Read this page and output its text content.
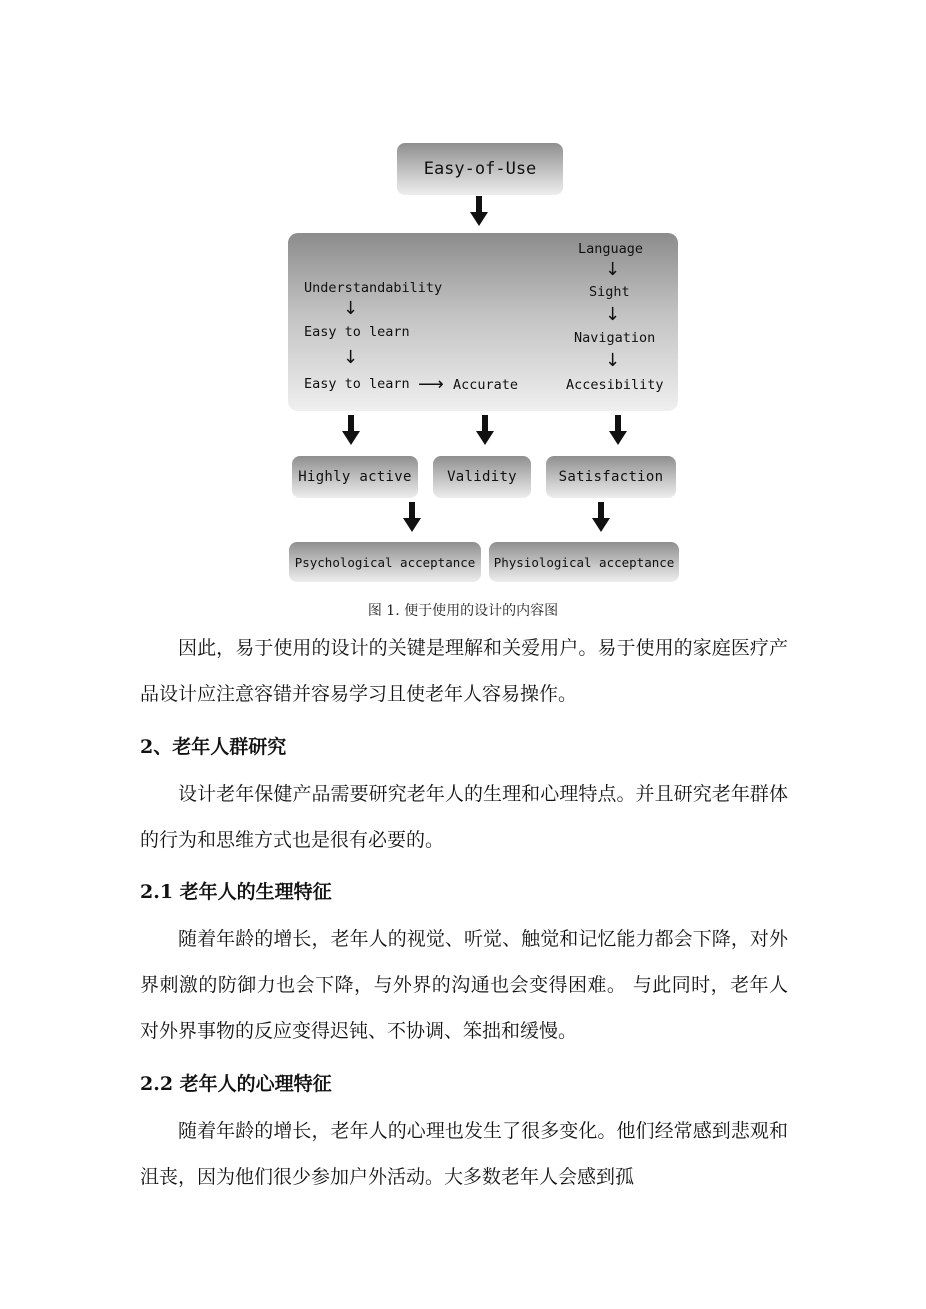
Easy-of-Use
Understandability
↓
Easy to learn
↓
Easy to learn ⟶ Accurate
Language
↓
Sight
↓
Navigation
↓
Accesibility
Highly active	Validity	Satisfaction
Psychological acceptance	Physiological acceptance
图 1. 便于使用的设计的内容图

因此，易于使用的设计的关键是理解和关爱用户。易于使用的家庭医疗产品设计应注意容错并容易学习且使老年人容易操作。

2、老年人群研究

设计老年保健产品需要研究老年人的生理和心理特点。并且研究老年群体的行为和思维方式也是很有必要的。

2.1 老年人的生理特征

随着年龄的增长，老年人的视觉、听觉、触觉和记忆能力都会下降，对外界刺激的防御力也会下降，与外界的沟通也会变得困难。 与此同时，老年人对外界事物的反应变得迟钝、不协调、笨拙和缓慢。

2.2 老年人的心理特征

随着年龄的增长，老年人的心理也发生了很多变化。他们经常感到悲观和沮丧，因为他们很少参加户外活动。大多数老年人会感到孤
